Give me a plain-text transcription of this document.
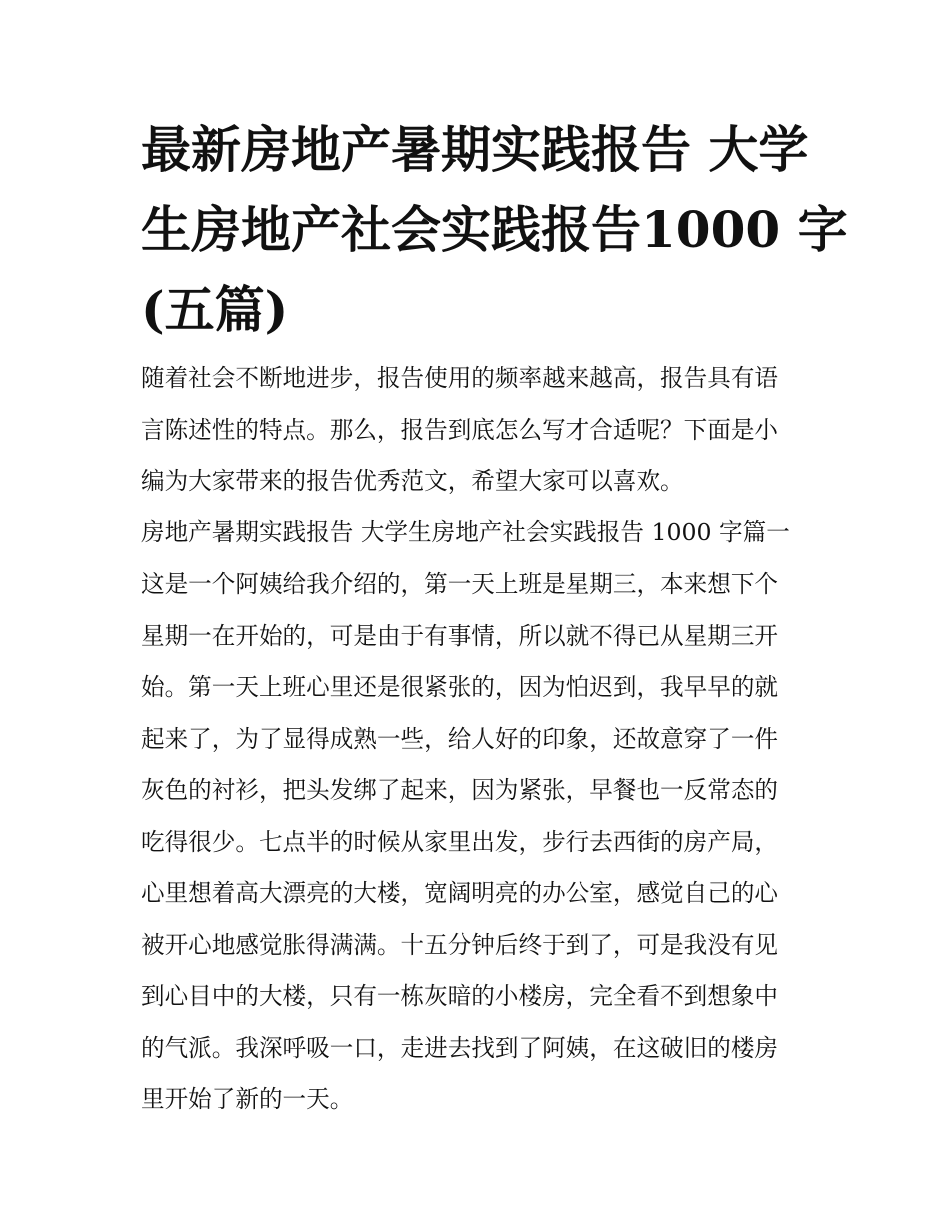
最新房地产暑期实践报告 大学
生房地产社会实践报告1000 字
(五篇)
随着社会不断地进步，报告使用的频率越来越高，报告具有语
言陈述性的特点。那么，报告到底怎么写才合适呢？下面是小
编为大家带来的报告优秀范文，希望大家可以喜欢。
房地产暑期实践报告 大学生房地产社会实践报告 1000 字篇一
这是一个阿姨给我介绍的，第一天上班是星期三，本来想下个
星期一在开始的，可是由于有事情，所以就不得已从星期三开
始。第一天上班心里还是很紧张的，因为怕迟到，我早早的就
起来了，为了显得成熟一些，给人好的印象，还故意穿了一件
灰色的衬衫，把头发绑了起来，因为紧张，早餐也一反常态的
吃得很少。七点半的时候从家里出发，步行去西街的房产局，
心里想着高大漂亮的大楼，宽阔明亮的办公室，感觉自己的心
被开心地感觉胀得满满。十五分钟后终于到了，可是我没有见
到心目中的大楼，只有一栋灰暗的小楼房，完全看不到想象中
的气派。我深呼吸一口，走进去找到了阿姨，在这破旧的楼房
里开始了新的一天。
